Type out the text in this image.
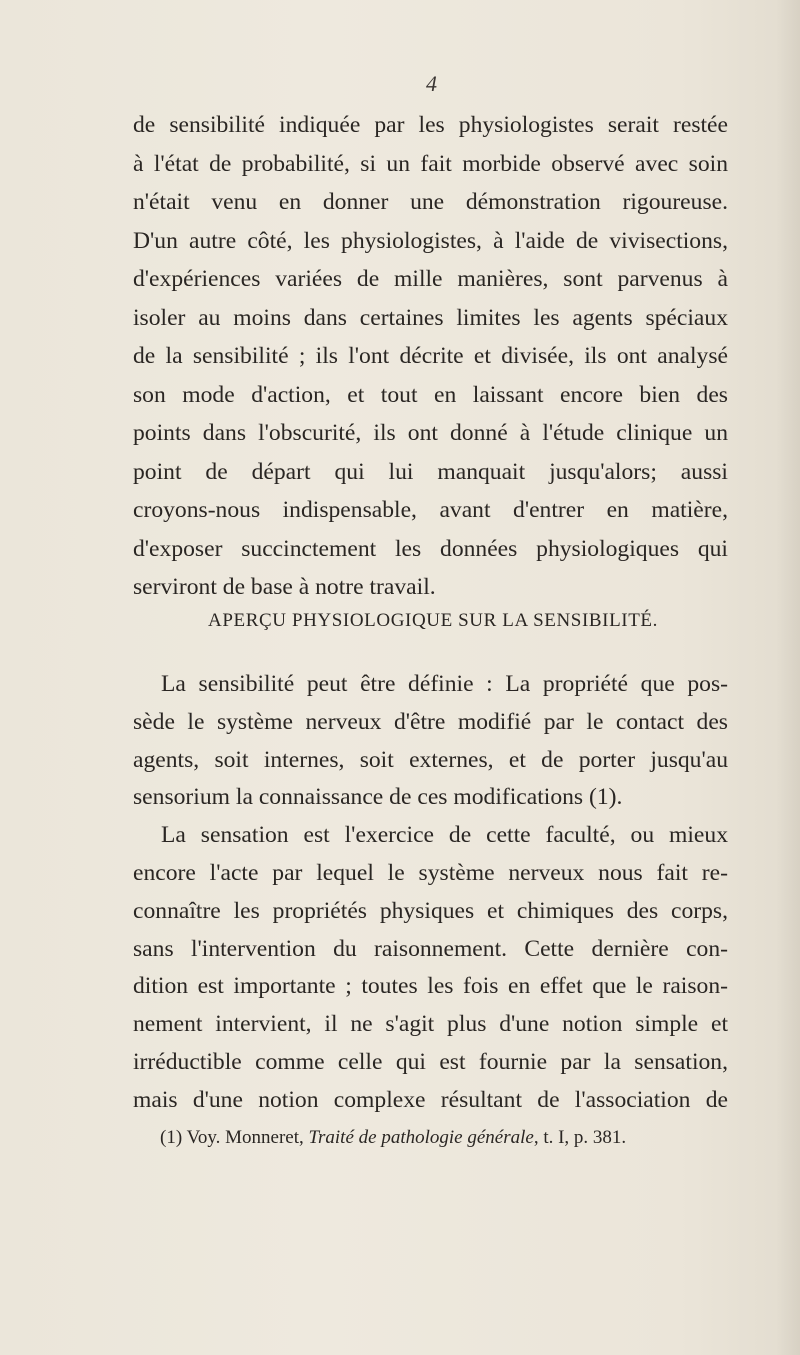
4
de sensibilité indiquée par les physiologistes serait restée
à l'état de probabilité, si un fait morbide observé avec soin
n'était venu en donner une démonstration rigoureuse.
D'un autre côté, les physiologistes, à l'aide de vivisections,
d'expériences variées de mille manières, sont parvenus à
isoler au moins dans certaines limites les agents spéciaux
de la sensibilité ; ils l'ont décrite et divisée, ils ont analysé
son mode d'action, et tout en laissant encore bien des
points dans l'obscurité, ils ont donné à l'étude clinique un
point de départ qui lui manquait jusqu'alors; aussi
croyons-nous indispensable, avant d'entrer en matière,
d'exposer succinctement les données physiologiques qui
serviront de base à notre travail.
APERÇU PHYSIOLOGIQUE SUR LA SENSIBILITÉ.
La sensibilité peut être définie : La propriété que pos-
sède le système nerveux d'être modifié par le contact des
agents, soit internes, soit externes, et de porter jusqu'au
sensorium la connaissance de ces modifications (1).
La sensation est l'exercice de cette faculté, ou mieux
encore l'acte par lequel le système nerveux nous fait re-
connaître les propriétés physiques et chimiques des corps,
sans l'intervention du raisonnement. Cette dernière con-
dition est importante ; toutes les fois en effet que le raison-
nement intervient, il ne s'agit plus d'une notion simple et
irréductible comme celle qui est fournie par la sensation,
mais d'une notion complexe résultant de l'association de
(1) Voy. Monneret, Traité de pathologie générale, t. I, p. 381.
